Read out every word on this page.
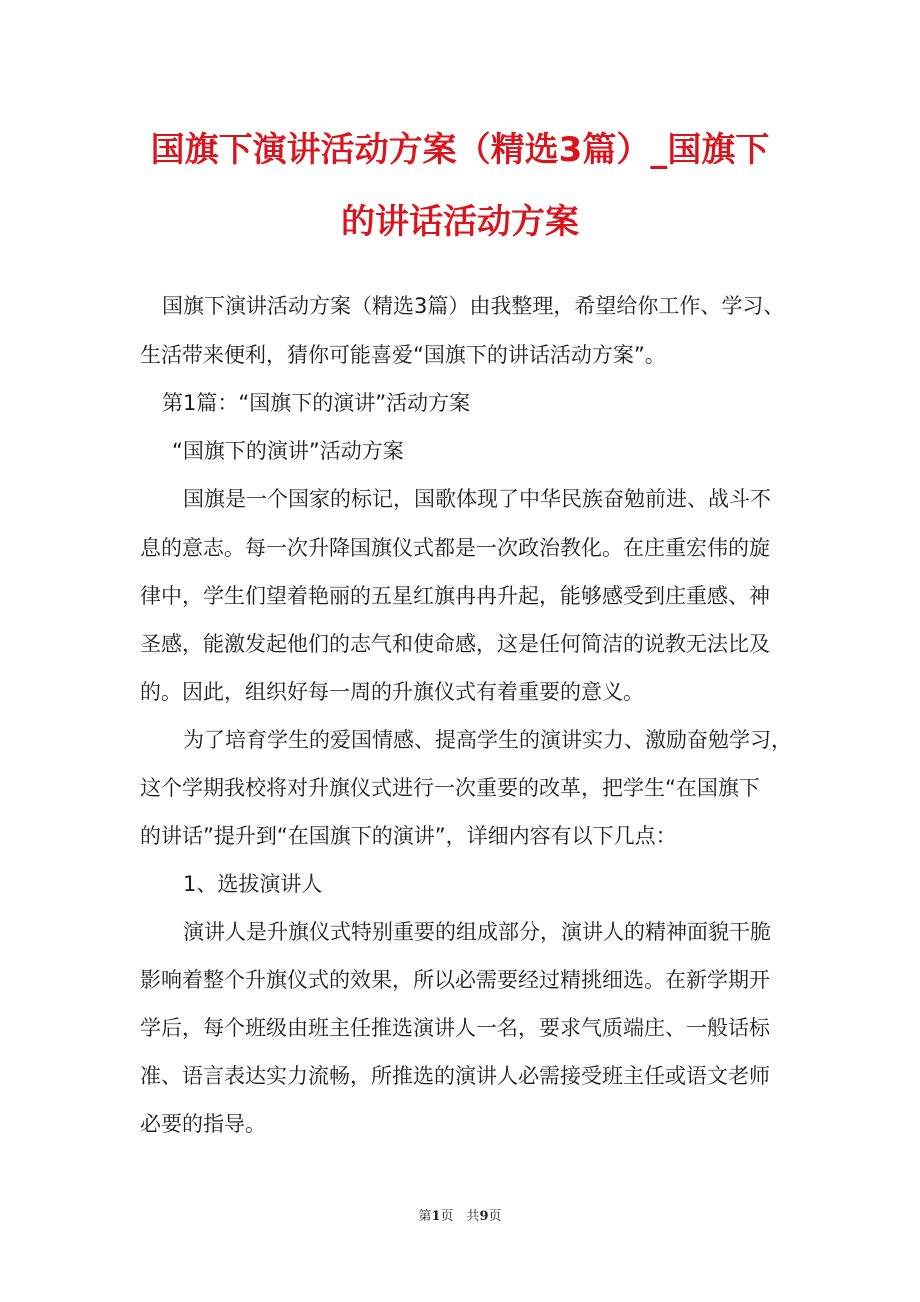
国旗下演讲活动方案（精选3篇）_国旗下
的讲话活动方案
国旗下演讲活动方案（精选3篇）由我整理，希望给你工作、学习、
生活带来便利，猜你可能喜爱“国旗下的讲话活动方案”。
第1篇：“国旗下的演讲”活动方案
“国旗下的演讲”活动方案
国旗是一个国家的标记，国歌体现了中华民族奋勉前进、战斗不
息的意志。每一次升降国旗仪式都是一次政治教化。在庄重宏伟的旋
律中，学生们望着艳丽的五星红旗冉冉升起，能够感受到庄重感、神
圣感，能激发起他们的志气和使命感，这是任何简洁的说教无法比及
的。因此，组织好每一周的升旗仪式有着重要的意义。
为了培育学生的爱国情感、提高学生的演讲实力、激励奋勉学习，
这个学期我校将对升旗仪式进行一次重要的改革，把学生“在国旗下
的讲话”提升到“在国旗下的演讲”，详细内容有以下几点：
1、选拔演讲人
演讲人是升旗仪式特别重要的组成部分，演讲人的精神面貌干脆
影响着整个升旗仪式的效果，所以必需要经过精挑细选。在新学期开
学后，每个班级由班主任推选演讲人一名，要求气质端庄、一般话标
准、语言表达实力流畅，所推选的演讲人必需接受班主任或语文老师
必要的指导。
第1页　共9页
